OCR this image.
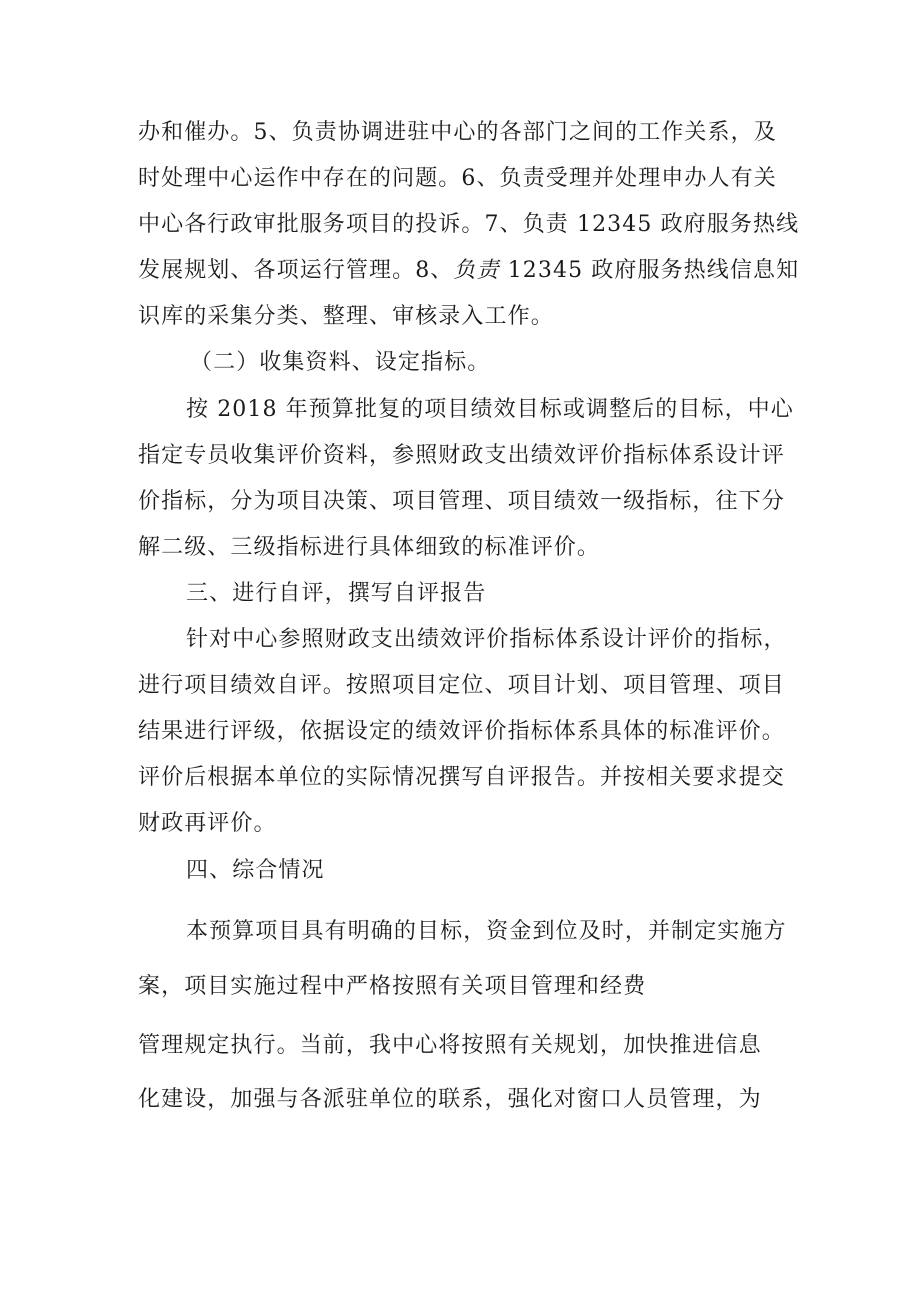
办和催办。5、负责协调进驻中心的各部门之间的工作关系，及
时处理中心运作中存在的问题。6、负责受理并处理申办人有关
中心各行政审批服务项目的投诉。7、负责 12345 政府服务热线
发展规划、各项运行管理。8、负责 12345 政府服务热线信息知
识库的采集分类、整理、审核录入工作。
（二）收集资料、设定指标。
按 2018 年预算批复的项目绩效目标或调整后的目标，中心
指定专员收集评价资料，参照财政支出绩效评价指标体系设计评
价指标，分为项目决策、项目管理、项目绩效一级指标，往下分
解二级、三级指标进行具体细致的标准评价。
三、进行自评，撰写自评报告
针对中心参照财政支出绩效评价指标体系设计评价的指标，
进行项目绩效自评。按照项目定位、项目计划、项目管理、项目
结果进行评级，依据设定的绩效评价指标体系具体的标准评价。
评价后根据本单位的实际情况撰写自评报告。并按相关要求提交
财政再评价。
四、综合情况
本预算项目具有明确的目标，资金到位及时，并制定实施方
案，项目实施过程中严格按照有关项目管理和经费
管理规定执行。当前，我中心将按照有关规划，加快推进信息
化建设，加强与各派驻单位的联系，强化对窗口人员管理，为
